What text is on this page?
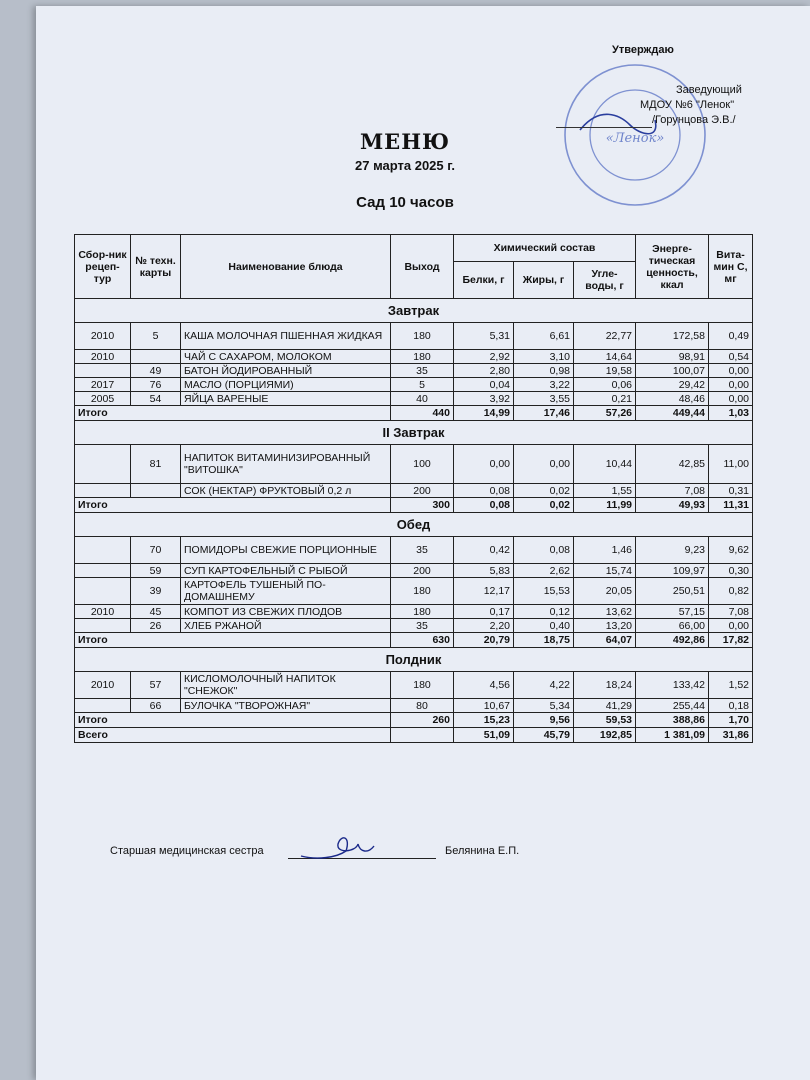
«Ленок»
Утверждаю
Заведующий
МДОУ №6 "Ленок"
/Горунцова Э.В./
МЕНЮ
27 марта 2025 г.
Сад 10 часов
Сбор-ник рецеп-тур	№ техн. карты	Наименование блюда	Выход	Химический состав			Энерге-тическая ценность, ккал	Вита-мин С, мг
				Белки, г	Жиры, г	Угле-воды, г		
Завтрак								
2010	5	КАША МОЛОЧНАЯ ПШЕННАЯ ЖИДКАЯ	180	5,31	6,61	22,77	172,58	0,49
2010		ЧАЙ С САХАРОМ, МОЛОКОМ	180	2,92	3,10	14,64	98,91	0,54
	49	БАТОН ЙОДИРОВАННЫЙ	35	2,80	0,98	19,58	100,07	0,00
2017	76	МАСЛО (ПОРЦИЯМИ)	5	0,04	3,22	0,06	29,42	0,00
2005	54	ЯЙЦА ВАРЕНЫЕ	40	3,92	3,55	0,21	48,46	0,00
Итого			440	14,99	17,46	57,26	449,44	1,03
II Завтрак								
	81	НАПИТОК ВИТАМИНИЗИРОВАННЫЙ "ВИТОШКА"	100	0,00	0,00	10,44	42,85	11,00
		СОК (НЕКТАР) ФРУКТОВЫЙ 0,2 л	200	0,08	0,02	1,55	7,08	0,31
Итого			300	0,08	0,02	11,99	49,93	11,31
Обед								
	70	ПОМИДОРЫ СВЕЖИЕ ПОРЦИОННЫЕ	35	0,42	0,08	1,46	9,23	9,62
	59	СУП КАРТОФЕЛЬНЫЙ С РЫБОЙ	200	5,83	2,62	15,74	109,97	0,30
	39	КАРТОФЕЛЬ ТУШЕНЫЙ ПО-ДОМАШНЕМУ	180	12,17	15,53	20,05	250,51	0,82
2010	45	КОМПОТ ИЗ СВЕЖИХ ПЛОДОВ	180	0,17	0,12	13,62	57,15	7,08
	26	ХЛЕБ РЖАНОЙ	35	2,20	0,40	13,20	66,00	0,00
Итого			630	20,79	18,75	64,07	492,86	17,82
Полдник								
2010	57	КИСЛОМОЛОЧНЫЙ НАПИТОК "СНЕЖОК"	180	4,56	4,22	18,24	133,42	1,52
	66	БУЛОЧКА "ТВОРОЖНАЯ"	80	10,67	5,34	41,29	255,44	0,18
Итого			260	15,23	9,56	59,53	388,86	1,70
Всего				51,09	45,79	192,85	1 381,09	31,86
Старшая медицинская сестра	Белянина Е.П.
